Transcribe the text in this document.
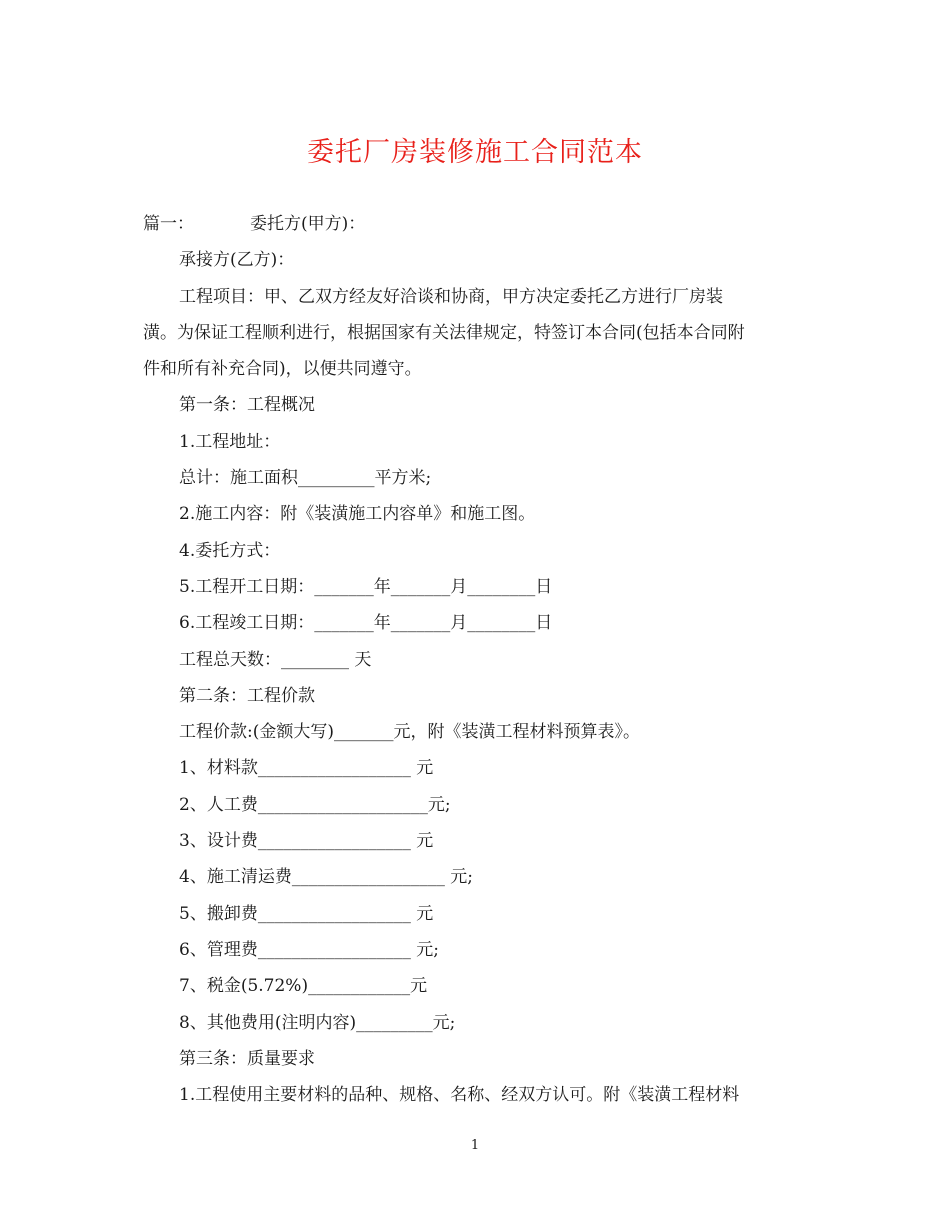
委托厂房装修施工合同范本
篇一：	委托方(甲方)：
承接方(乙方)：
工程项目：甲、乙双方经友好洽谈和协商，甲方决定委托乙方进行厂房装
潢。为保证工程顺利进行，根据国家有关法律规定，特签订本合同(包括本合同附
件和所有补充合同)，以便共同遵守。
第一条：工程概况
1.工程地址：
总计：施工面积_________平方米;
2.施工内容：附《装潢施工内容单》和施工图。
4.委托方式：
5.工程开工日期：_______年_______月________日
6.工程竣工日期：_______年_______月________日
工程总天数：________ 天
第二条：工程价款
工程价款:(金额大写)_______元，附《装潢工程材料预算表》。
1、材料款__________________ 元
2、人工费____________________元;
3、设计费__________________ 元
4、施工清运费__________________ 元;
5、搬卸费__________________ 元
6、管理费__________________ 元;
7、税金(5.72%)____________元
8、其他费用(注明内容)_________元;
第三条：质量要求
1.工程使用主要材料的品种、规格、名称、经双方认可。附《装潢工程材料
1
